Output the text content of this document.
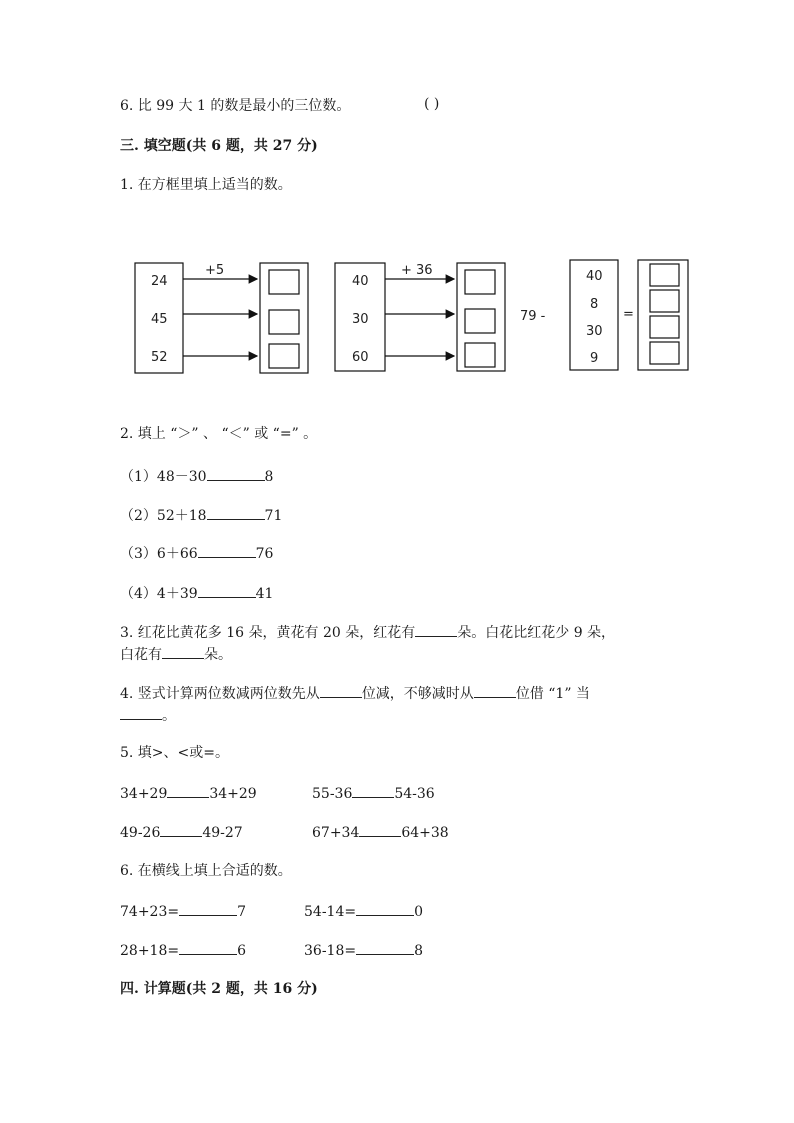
6. 比 99 大 1 的数是最小的三位数。	( )
三. 填空题(共 6 题，共 27 分)
1. 在方框里填上适当的数。
24
45
52
+5
40
30
60
+ 36
79 -
40
8
30
9
=
2. 填上 “＞” 、 “＜” 或 “=” 。
（1）48－30	8
（2）52＋18	71
（3）6＋66	76
（4）4＋39	41
3. 红花比黄花多 16 朵，黄花有 20 朵，红花有	朵。白花比红花少 9 朵，
白花有	朵。
4. 竖式计算两位数减两位数先从	位减，不够减时从	位借 “1” 当
。
5. 填>、<或=。
34+29	34+29	55-36	54-36
49-26	49-27	67+34	64+38
6. 在横线上填上合适的数。
74+23=	7	54-14=	0
28+18=	6	36-18=	8
四. 计算题(共 2 题，共 16 分)
